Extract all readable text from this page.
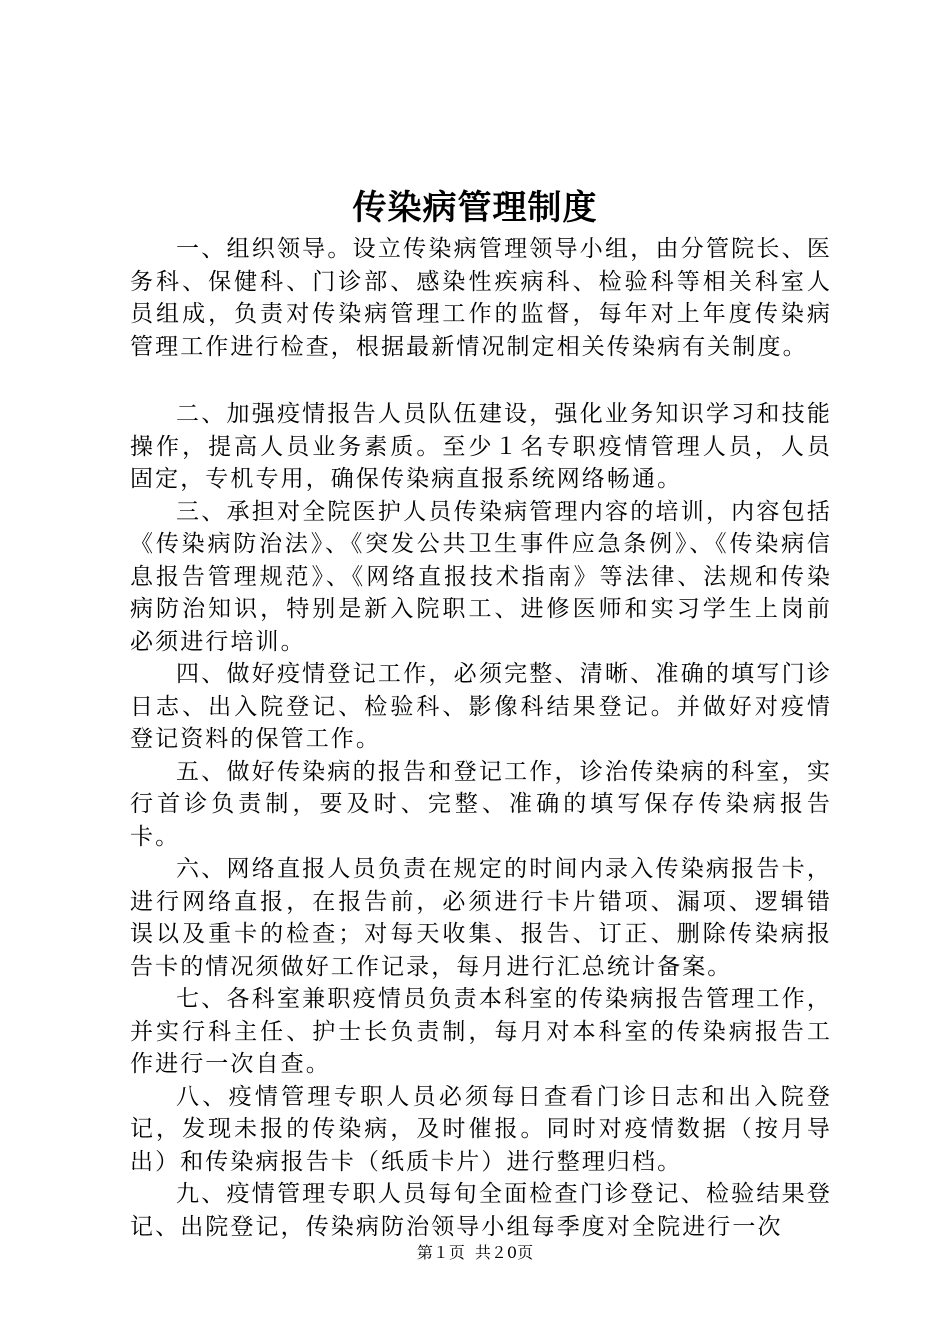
传染病管理制度

一、组织领导。设立传染病管理领导小组，由分管院长、医务科、保健科、门诊部、感染性疾病科、检验科等相关科室人员组成，负责对传染病管理工作的监督，每年对上年度传染病管理工作进行检查，根据最新情况制定相关传染病有关制度。

二、加强疫情报告人员队伍建设，强化业务知识学习和技能操作，提高人员业务素质。至少１名专职疫情管理人员，人员固定，专机专用，确保传染病直报系统网络畅通。

三、承担对全院医护人员传染病管理内容的培训，内容包括《传染病防治法》、《突发公共卫生事件应急条例》、《传染病信息报告管理规范》、《网络直报技术指南》等法律、法规和传染病防治知识，特别是新入院职工、进修医师和实习学生上岗前必须进行培训。

四、做好疫情登记工作，必须完整、清晰、准确的填写门诊日志、出入院登记、检验科、影像科结果登记。并做好对疫情登记资料的保管工作。

五、做好传染病的报告和登记工作，诊治传染病的科室，实行首诊负责制，要及时、完整、准确的填写保存传染病报告卡。

六、网络直报人员负责在规定的时间内录入传染病报告卡，进行网络直报，在报告前，必须进行卡片错项、漏项、逻辑错误以及重卡的检查；对每天收集、报告、订正、删除传染病报告卡的情况须做好工作记录，每月进行汇总统计备案。

七、各科室兼职疫情员负责本科室的传染病报告管理工作，并实行科主任、护士长负责制，每月对本科室的传染病报告工作进行一次自查。

八、疫情管理专职人员必须每日查看门诊日志和出入院登记，发现未报的传染病，及时催报。同时对疫情数据（按月导出）和传染病报告卡（纸质卡片）进行整理归档。

九、疫情管理专职人员每旬全面检查门诊登记、检验结果登记、出院登记，传染病防治领导小组每季度对全院进行一次

第１页 共２0页
